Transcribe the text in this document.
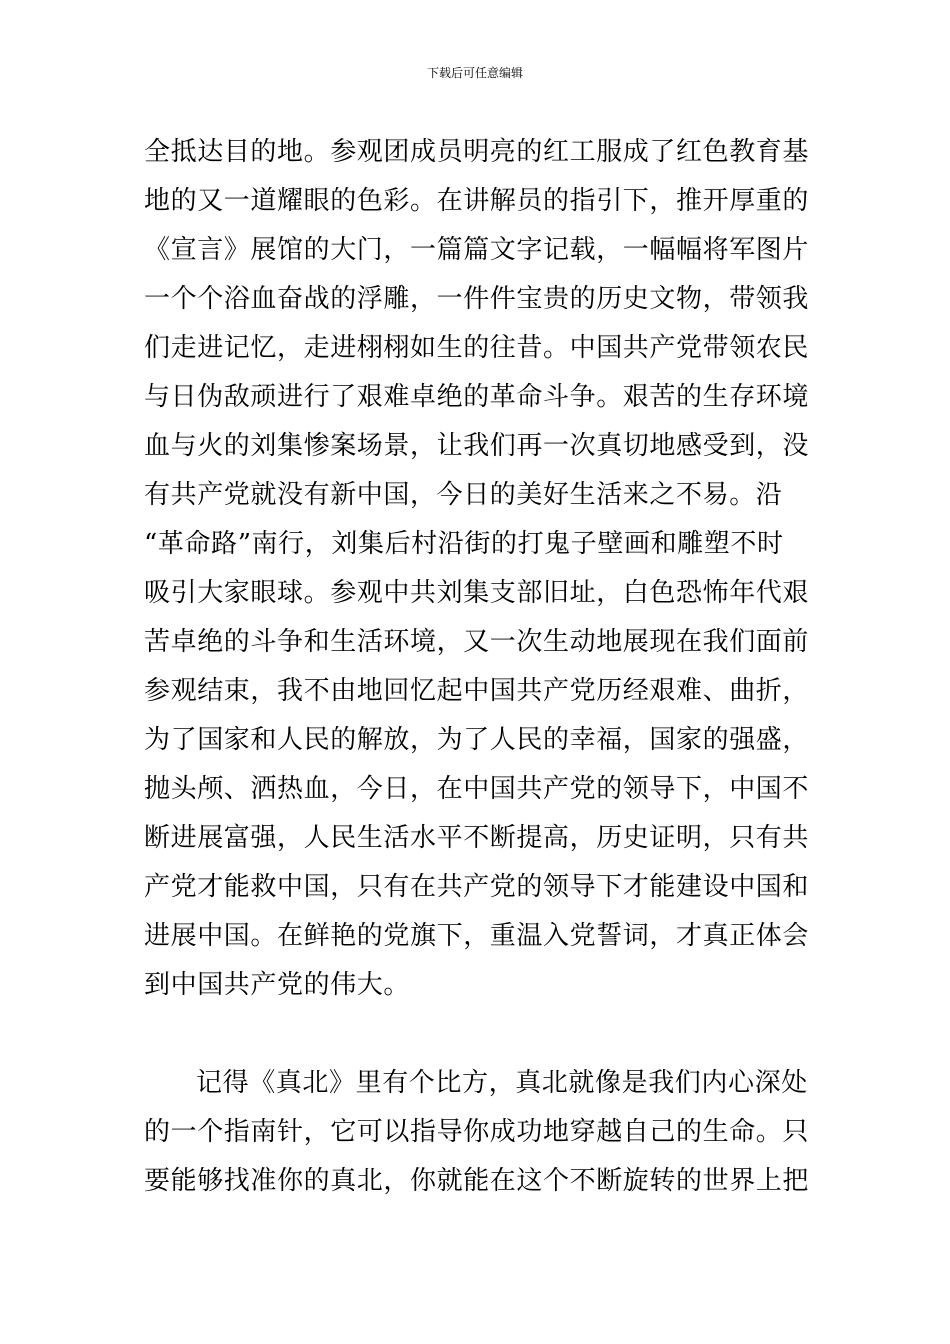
下载后可任意编辑
全抵达目的地。参观团成员明亮的红工服成了红色教育基
地的又一道耀眼的色彩。在讲解员的指引下，推开厚重的
《宣言》展馆的大门，一篇篇文字记载，一幅幅将军图片
一个个浴血奋战的浮雕，一件件宝贵的历史文物，带领我
们走进记忆，走进栩栩如生的往昔。中国共产党带领农民
与日伪敌顽进行了艰难卓绝的革命斗争。艰苦的生存环境
血与火的刘集惨案场景，让我们再一次真切地感受到，没
有共产党就没有新中国，今日的美好生活来之不易。沿
“革命路”南行，刘集后村沿街的打鬼子壁画和雕塑不时
吸引大家眼球。参观中共刘集支部旧址，白色恐怖年代艰
苦卓绝的斗争和生活环境，又一次生动地展现在我们面前
参观结束，我不由地回忆起中国共产党历经艰难、曲折，
为了国家和人民的解放，为了人民的幸福，国家的强盛，
抛头颅、洒热血，今日，在中国共产党的领导下，中国不
断进展富强，人民生活水平不断提高，历史证明，只有共
产党才能救中国，只有在共产党的领导下才能建设中国和
进展中国。在鲜艳的党旗下，重温入党誓词，才真正体会
到中国共产党的伟大。
记得《真北》里有个比方，真北就像是我们内心深处
的一个指南针，它可以指导你成功地穿越自己的生命。只
要能够找准你的真北，你就能在这个不断旋转的世界上把
